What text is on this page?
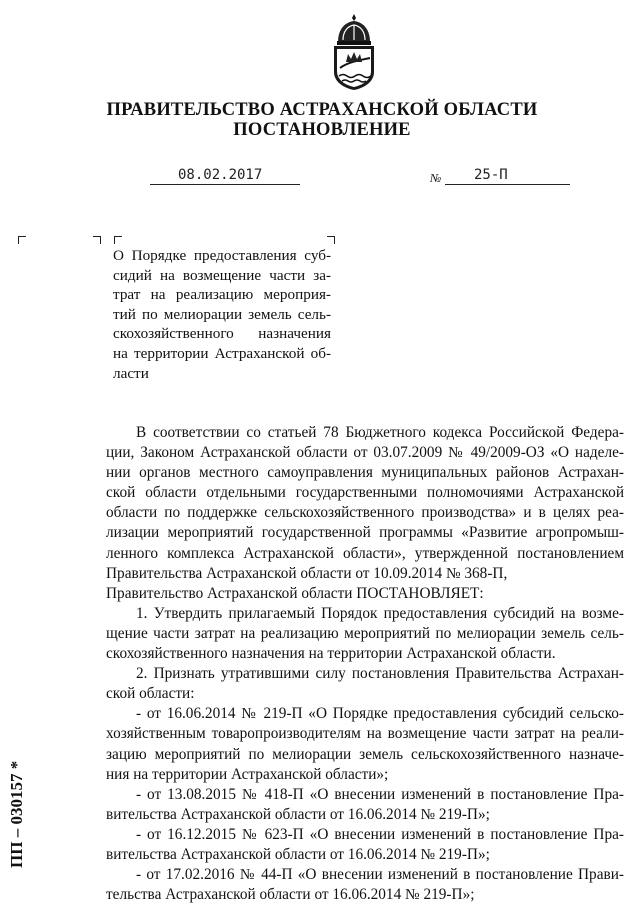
ПРАВИТЕЛЬСТВО АСТРАХАНСКОЙ ОБЛАСТИ
ПОСТАНОВЛЕНИЕ
08.02.2017	№ 25-П
О Порядке предоставления суб-
сидий на возмещение части за-
трат на реализацию мероприя-
тий по мелиорации земель сель-
скохозяйственного назначения
на территории Астраханской об-
ласти
В соответствии со статьей 78 Бюджетного кодекса Российской Федера-
ции, Законом Астраханской области от 03.07.2009 № 49/2009-ОЗ «О наделе-
нии органов местного самоуправления муниципальных районов Астрахан-
ской области отдельными государственными полномочиями Астраханской
области по поддержке сельскохозяйственного производства» и в целях реа-
лизации мероприятий государственной программы «Развитие агропромыш-
ленного комплекса Астраханской области», утвержденной постановлением
Правительства Астраханской области от 10.09.2014 № 368-П,
Правительство Астраханской области ПОСТАНОВЛЯЕТ:
1. Утвердить прилагаемый Порядок предоставления субсидий на возме-
щение части затрат на реализацию мероприятий по мелиорации земель сель-
скохозяйственного назначения на территории Астраханской области.
2. Признать утратившими силу постановления Правительства Астрахан-
ской области:
- от 16.06.2014 № 219-П «О Порядке предоставления субсидий сельско-
хозяйственным товаропроизводителям на возмещение части затрат на реали-
зацию мероприятий по мелиорации земель сельскохозяйственного назначе-
ния на территории Астраханской области»;
- от 13.08.2015 № 418-П «О внесении изменений в постановление Пра-
вительства Астраханской области от 16.06.2014 № 219-П»;
- от 16.12.2015 № 623-П «О внесении изменений в постановление Пра-
вительства Астраханской области от 16.06.2014 № 219-П»;
- от 17.02.2016 № 44-П «О внесении изменений в постановление Прави-
тельства Астраханской области от 16.06.2014 № 219-П»;
ПП – 030157 *
